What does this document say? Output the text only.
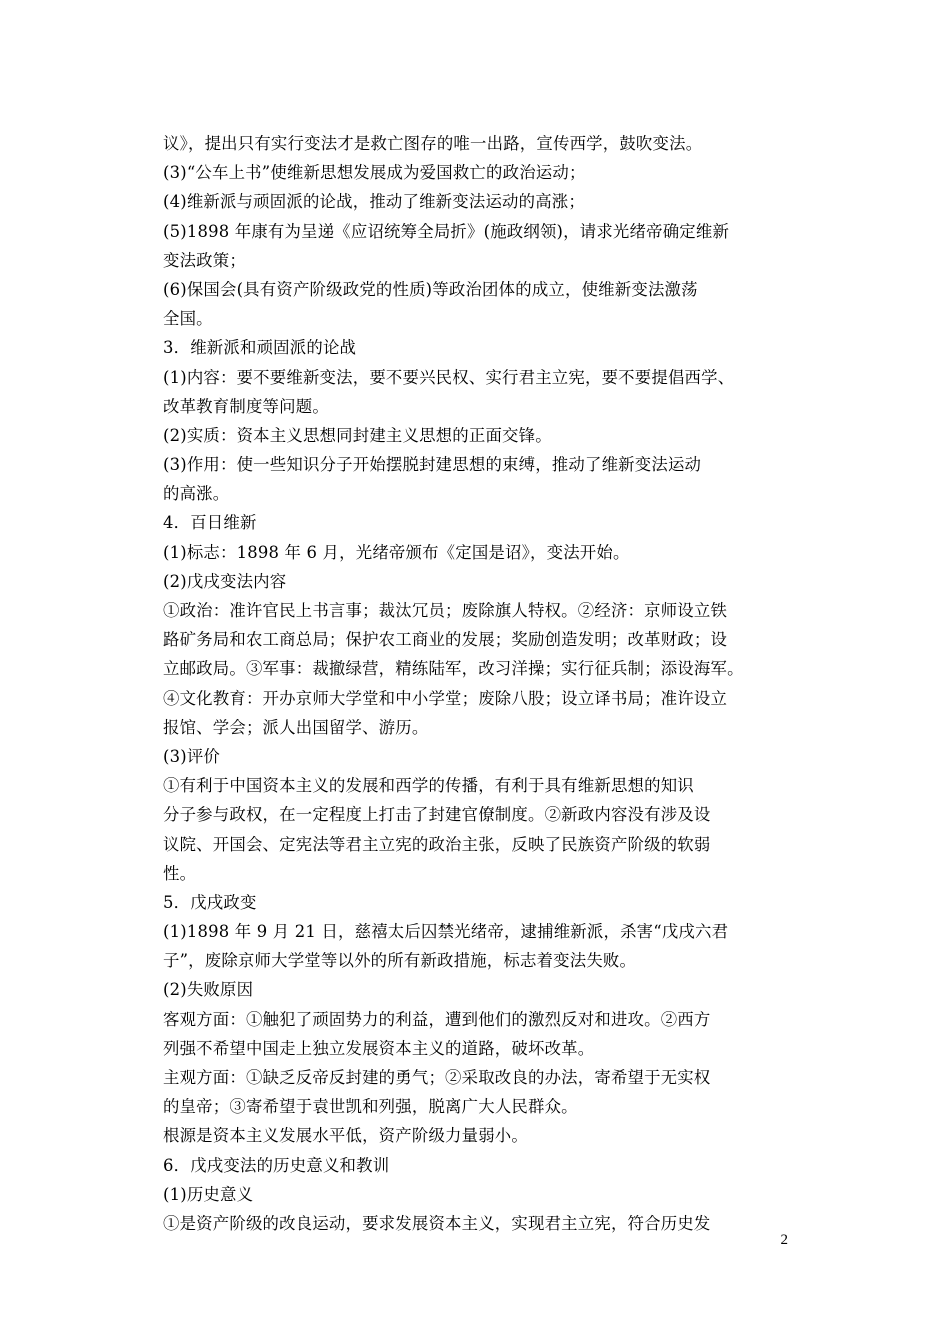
议》，提出只有实行变法才是救亡图存的唯一出路，宣传西学，鼓吹变法。
(3)“公车上书”使维新思想发展成为爱国救亡的政治运动；
(4)维新派与顽固派的论战，推动了维新变法运动的高涨；
(5)1898 年康有为呈递《应诏统筹全局折》(施政纲领)，请求光绪帝确定维新
变法政策；
(6)保国会(具有资产阶级政党的性质)等政治团体的成立，使维新变法激荡
全国。
3．维新派和顽固派的论战
(1)内容：要不要维新变法，要不要兴民权、实行君主立宪，要不要提倡西学、
改革教育制度等问题。
(2)实质：资本主义思想同封建主义思想的正面交锋。
(3)作用：使一些知识分子开始摆脱封建思想的束缚，推动了维新变法运动
的高涨。
4．百日维新
(1)标志：1898 年 6 月，光绪帝颁布《定国是诏》，变法开始。
(2)戊戌变法内容
①政治：准许官民上书言事；裁汰冗员；废除旗人特权。②经济：京师设立铁
路矿务局和农工商总局；保护农工商业的发展；奖励创造发明；改革财政；设
立邮政局。③军事：裁撤绿营，精练陆军，改习洋操；实行征兵制；添设海军。
④文化教育：开办京师大学堂和中小学堂；废除八股；设立译书局；准许设立
报馆、学会；派人出国留学、游历。
(3)评价
①有利于中国资本主义的发展和西学的传播，有利于具有维新思想的知识
分子参与政权，在一定程度上打击了封建官僚制度。②新政内容没有涉及设
议院、开国会、定宪法等君主立宪的政治主张，反映了民族资产阶级的软弱
性。
5．戊戌政变
(1)1898 年 9 月 21 日，慈禧太后囚禁光绪帝，逮捕维新派，杀害“戊戌六君
子”，废除京师大学堂等以外的所有新政措施，标志着变法失败。
(2)失败原因
客观方面：①触犯了顽固势力的利益，遭到他们的激烈反对和进攻。②西方
列强不希望中国走上独立发展资本主义的道路，破坏改革。
主观方面：①缺乏反帝反封建的勇气；②采取改良的办法，寄希望于无实权
的皇帝；③寄希望于袁世凯和列强，脱离广大人民群众。
根源是资本主义发展水平低，资产阶级力量弱小。
6．戊戌变法的历史意义和教训
(1)历史意义
①是资产阶级的改良运动，要求发展资本主义，实现君主立宪，符合历史发
2
